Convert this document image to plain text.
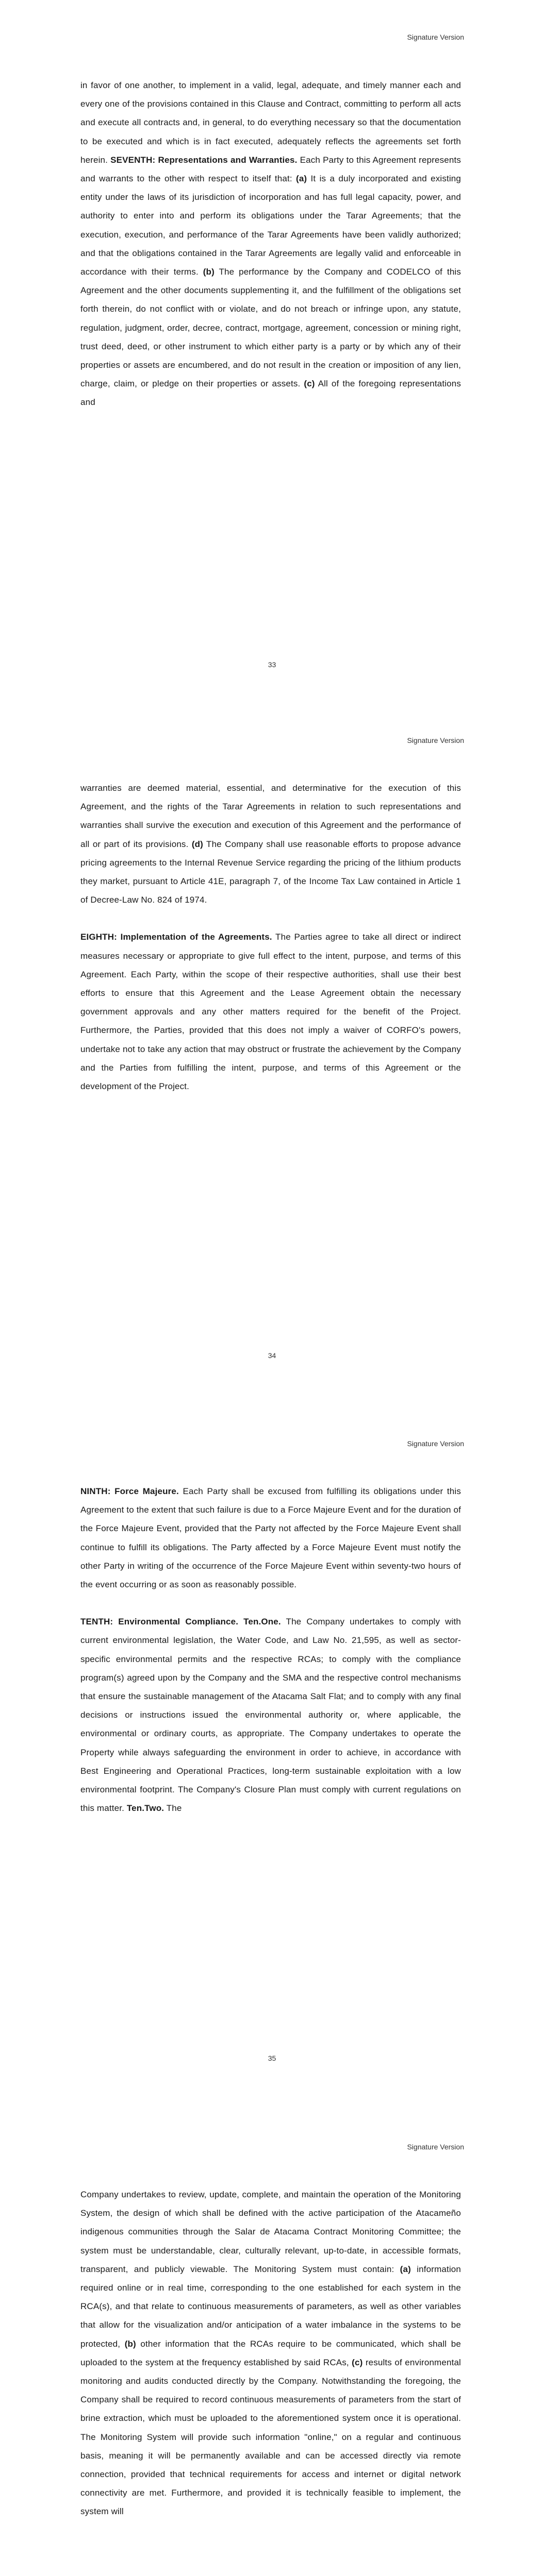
Signature Version

in favor of one another, to implement in a valid, legal, adequate, and timely manner each and every one of the provisions contained in this Clause and Contract, committing to perform all acts and execute all contracts and, in general, to do everything necessary so that the documentation to be executed and which is in fact executed, adequately reflects the agreements set forth herein. SEVENTH: Representations and Warranties. Each Party to this Agreement represents and warrants to the other with respect to itself that: (a) It is a duly incorporated and existing entity under the laws of its jurisdiction of incorporation and has full legal capacity, power, and authority to enter into and perform its obligations under the Tarar Agreements; that the execution, execution, and performance of the Tarar Agreements have been validly authorized; and that the obligations contained in the Tarar Agreements are legally valid and enforceable in accordance with their terms. (b) The performance by the Company and CODELCO of this Agreement and the other documents supplementing it, and the fulfillment of the obligations set forth therein, do not conflict with or violate, and do not breach or infringe upon, any statute, regulation, judgment, order, decree, contract, mortgage, agreement, concession or mining right, trust deed, deed, or other instrument to which either party is a party or by which any of their properties or assets are encumbered, and do not result in the creation or imposition of any lien, charge, claim, or pledge on their properties or assets. (c) All of the foregoing representations and

33
Signature Version

warranties are deemed material, essential, and determinative for the execution of this Agreement, and the rights of the Tarar Agreements in relation to such representations and warranties shall survive the execution and execution of this Agreement and the performance of all or part of its provisions. (d) The Company shall use reasonable efforts to propose advance pricing agreements to the Internal Revenue Service regarding the pricing of the lithium products they market, pursuant to Article 41E, paragraph 7, of the Income Tax Law contained in Article 1 of Decree-Law No. 824 of 1974.

EIGHTH: Implementation of the Agreements. The Parties agree to take all direct or indirect measures necessary or appropriate to give full effect to the intent, purpose, and terms of this Agreement. Each Party, within the scope of their respective authorities, shall use their best efforts to ensure that this Agreement and the Lease Agreement obtain the necessary government approvals and any other matters required for the benefit of the Project. Furthermore, the Parties, provided that this does not imply a waiver of CORFO's powers, undertake not to take any action that may obstruct or frustrate the achievement by the Company and the Parties from fulfilling the intent, purpose, and terms of this Agreement or the development of the Project.

34
Signature Version

NINTH: Force Majeure. Each Party shall be excused from fulfilling its obligations under this Agreement to the extent that such failure is due to a Force Majeure Event and for the duration of the Force Majeure Event, provided that the Party not affected by the Force Majeure Event shall continue to fulfill its obligations. The Party affected by a Force Majeure Event must notify the other Party in writing of the occurrence of the Force Majeure Event within seventy-two hours of the event occurring or as soon as reasonably possible.

TENTH: Environmental Compliance. Ten.One. The Company undertakes to comply with current environmental legislation, the Water Code, and Law No. 21,595, as well as sector-specific environmental permits and the respective RCAs; to comply with the compliance program(s) agreed upon by the Company and the SMA and the respective control mechanisms that ensure the sustainable management of the Atacama Salt Flat; and to comply with any final decisions or instructions issued the environmental authority or, where applicable, the environmental or ordinary courts, as appropriate. The Company undertakes to operate the Property while always safeguarding the environment in order to achieve, in accordance with Best Engineering and Operational Practices, long-term sustainable exploitation with a low environmental footprint. The Company's Closure Plan must comply with current regulations on this matter. Ten.Two. The

35
Signature Version

Company undertakes to review, update, complete, and maintain the operation of the Monitoring System, the design of which shall be defined with the active participation of the Atacameño indigenous communities through the Salar de Atacama Contract Monitoring Committee; the system must be understandable, clear, culturally relevant, up-to-date, in accessible formats, transparent, and publicly viewable. The Monitoring System must contain: (a) information required online or in real time, corresponding to the one established for each system in the RCA(s), and that relate to continuous measurements of parameters, as well as other variables that allow for the visualization and/or anticipation of a water imbalance in the systems to be protected, (b) other information that the RCAs require to be communicated, which shall be uploaded to the system at the frequency established by said RCAs, (c) results of environmental monitoring and audits conducted directly by the Company. Notwithstanding the foregoing, the Company shall be required to record continuous measurements of parameters from the start of brine extraction, which must be uploaded to the aforementioned system once it is operational. The Monitoring System will provide such information "online," on a regular and continuous basis, meaning it will be permanently available and can be accessed directly via remote connection, provided that technical requirements for access and internet or digital network connectivity are met. Furthermore, and provided it is technically feasible to implement, the system will
